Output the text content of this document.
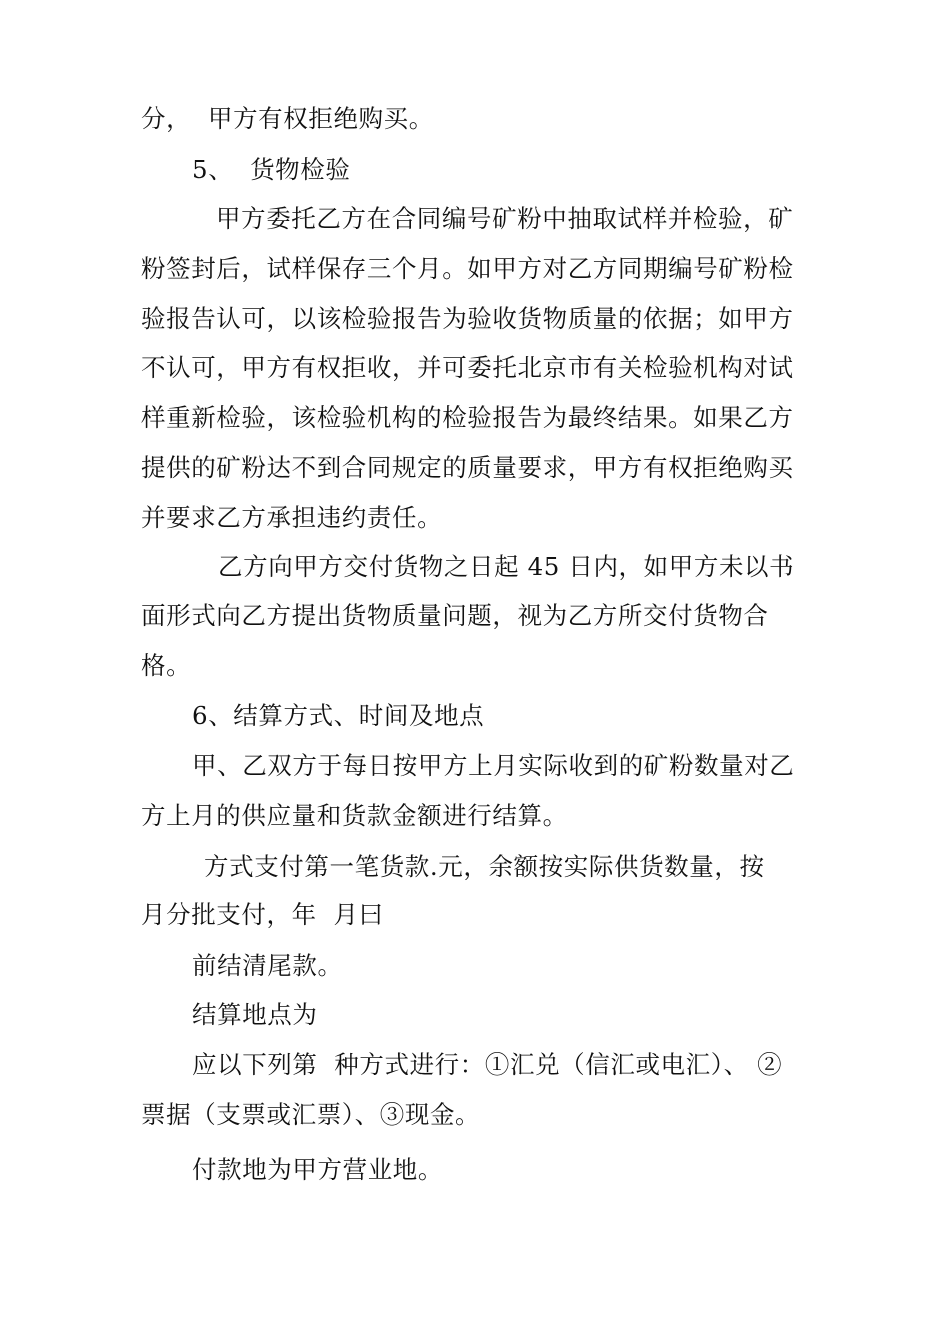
分，  甲方有权拒绝购买。
5、  货物检验
甲方委托乙方在合同编号矿粉中抽取试样并检验，矿
粉签封后，试样保存三个月。如甲方对乙方同期编号矿粉检
验报告认可，以该检验报告为验收货物质量的依据；如甲方
不认可，甲方有权拒收，并可委托北京市有关检验机构对试
样重新检验，该检验机构的检验报告为最终结果。如果乙方
提供的矿粉达不到合同规定的质量要求，甲方有权拒绝购买
并要求乙方承担违约责任。
乙方向甲方交付货物之日起 45 日内，如甲方未以书
面形式向乙方提出货物质量问题，视为乙方所交付货物合
格。
6、结算方式、时间及地点
甲、乙双方于每日按甲方上月实际收到的矿粉数量对乙
方上月的供应量和货款金额进行结算。
方式支付第一笔货款.元，余额按实际供货数量，按
月分批支付，年  月曰
前结清尾款。
结算地点为
应以下列第  种方式进行：①汇兑（信汇或电汇）、 ②
票据（支票或汇票）、③现金。
付款地为甲方营业地。
